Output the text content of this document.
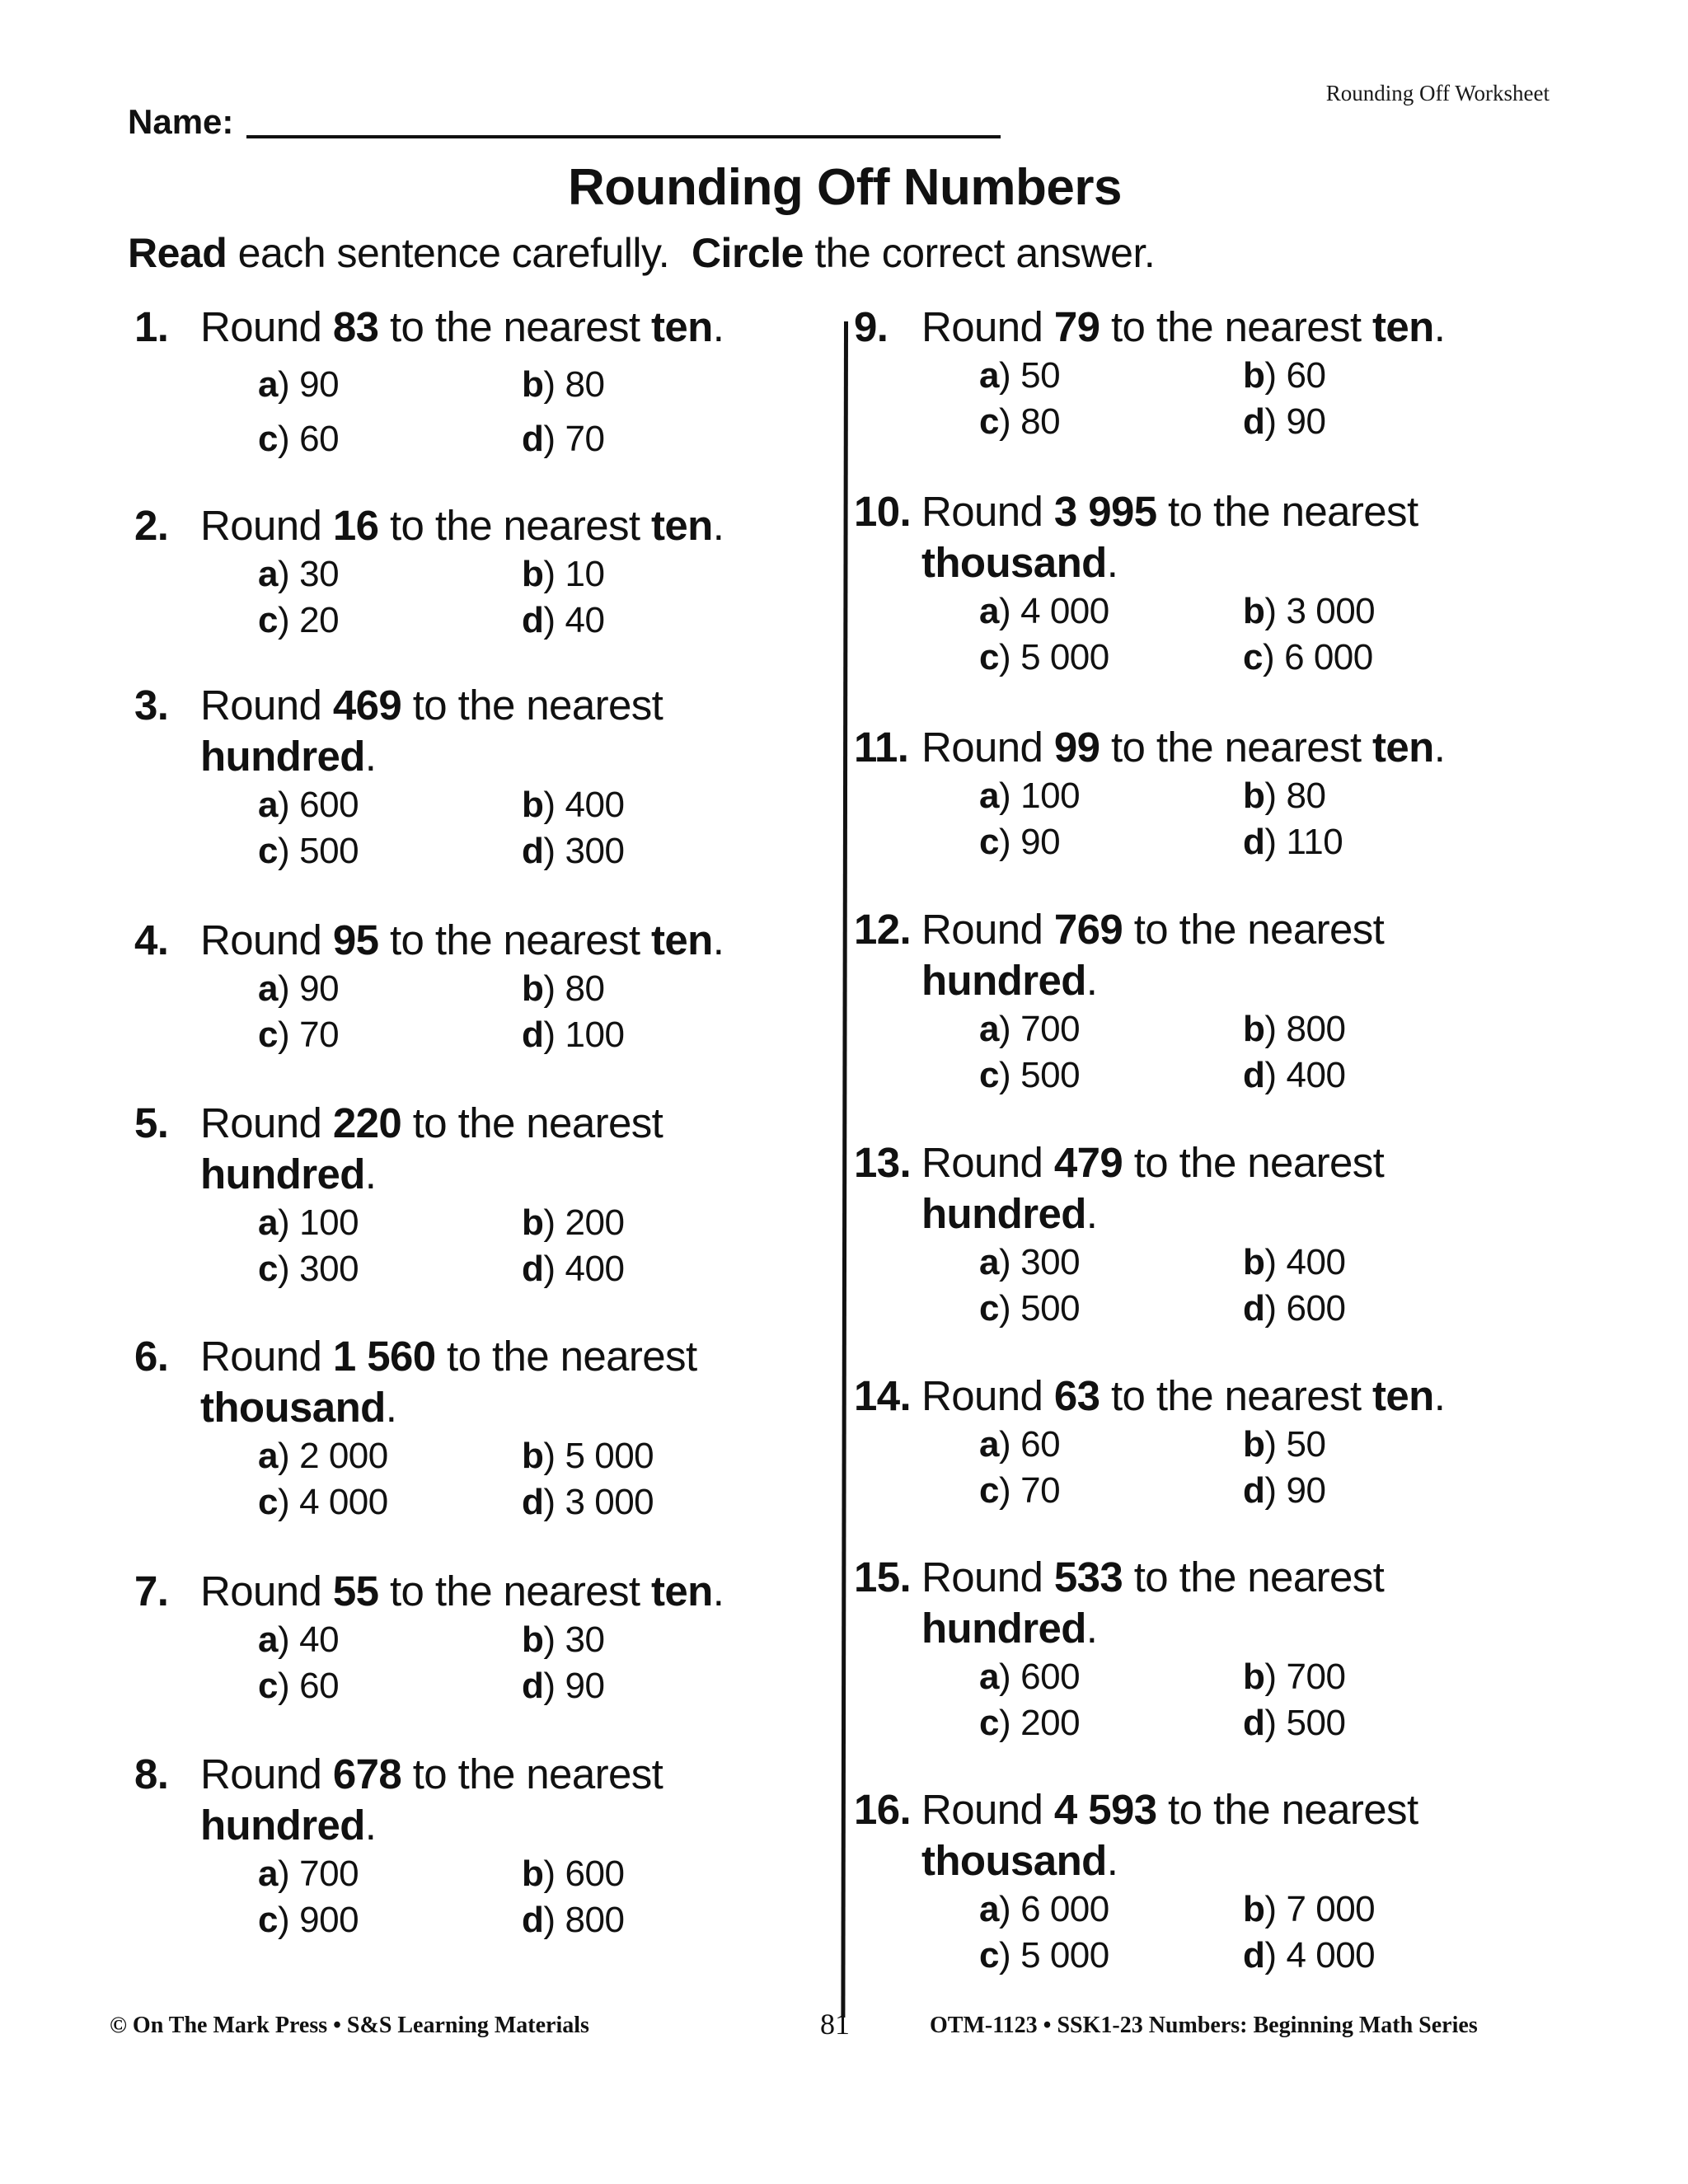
Rounding Off Worksheet
Name:
Rounding Off Numbers
Read each sentence carefully.  Circle the correct answer.
1. Round 83 to the nearest ten.
a) 90	b) 80
c) 60	d) 70
2. Round 16 to the nearest ten.
a) 30	b) 10
c) 20	d) 40
3. Round 469 to the nearest
hundred.
a) 600	b) 400
c) 500	d) 300
4. Round 95 to the nearest ten.
a) 90	b) 80
c) 70	d) 100
5. Round 220 to the nearest
hundred.
a) 100	b) 200
c) 300	d) 400
6. Round 1 560 to the nearest
thousand.
a) 2 000	b) 5 000
c) 4 000	d) 3 000
7. Round 55 to the nearest ten.
a) 40	b) 30
c) 60	d) 90
8. Round 678 to the nearest
hundred.
a) 700	b) 600
c) 900	d) 800
9. Round 79 to the nearest ten.
a) 50	b) 60
c) 80	d) 90
10. Round 3 995 to the nearest
thousand.
a) 4 000	b) 3 000
c) 5 000	c) 6 000
11. Round 99 to the nearest ten.
a) 100	b) 80
c) 90	d) 110
12. Round 769 to the nearest
hundred.
a) 700	b) 800
c) 500	d) 400
13. Round 479 to the nearest
hundred.
a) 300	b) 400
c) 500	d) 600
14. Round 63 to the nearest ten.
a) 60	b) 50
c) 70	d) 90
15. Round 533 to the nearest
hundred.
a) 600	b) 700
c) 200	d) 500
16. Round 4 593 to the nearest
thousand.
a) 6 000	b) 7 000
c) 5 000	d) 4 000
© On The Mark Press • S&S Learning Materials	81	OTM-1123 • SSK1-23 Numbers: Beginning Math Series
